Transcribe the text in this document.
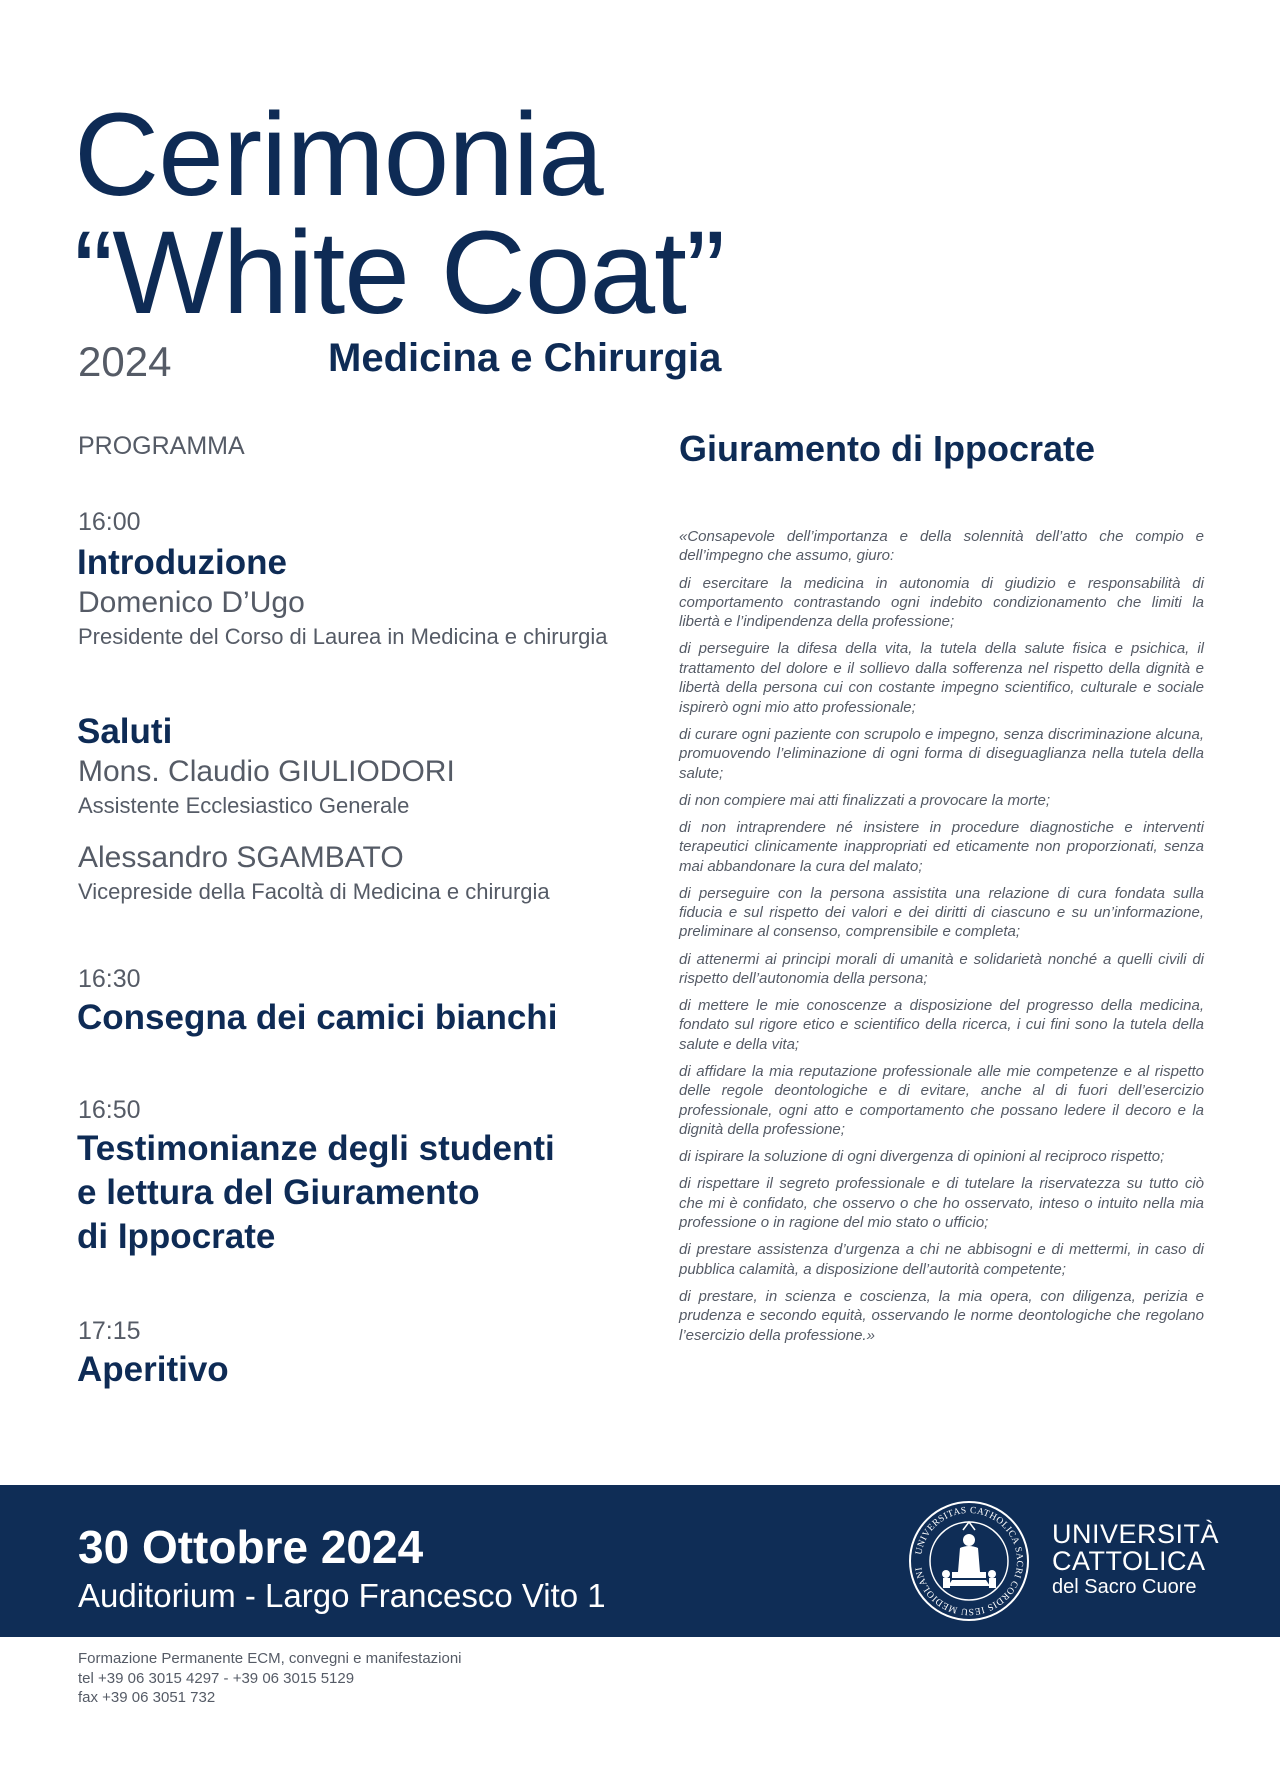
Cerimonia
“White Coat”
2024	Medicina e Chirurgia
PROGRAMMA
16:00
Introduzione
Domenico D’Ugo
Presidente del Corso di Laurea in Medicina e chirurgia
Saluti
Mons. Claudio GIULIODORI
Assistente Ecclesiastico Generale
Alessandro SGAMBATO
Vicepreside della Facoltà di Medicina e chirurgia
16:30
Consegna dei camici bianchi
16:50
Testimonianze degli studenti
e lettura del Giuramento
di Ippocrate
17:15
Aperitivo
Giuramento di Ippocrate

«Consapevole dell’importanza e della solennità dell’atto che compio e dell’impegno che assumo, giuro:

di esercitare la medicina in autonomia di giudizio e responsabilità di comportamento contrastando ogni indebito condizionamento che limiti la libertà e l’indipendenza della professione;

di perseguire la difesa della vita, la tutela della salute fisica e psichica, il trattamento del dolore e il sollievo dalla sofferenza nel rispetto della dignità e libertà della persona cui con costante impegno scientifico, culturale e sociale ispirerò ogni mio atto professionale;

di curare ogni paziente con scrupolo e impegno, senza discriminazione alcuna, promuovendo l’eliminazione di ogni forma di diseguaglianza nella tutela della salute;

di non compiere mai atti finalizzati a provocare la morte;

di non intraprendere né insistere in procedure diagnostiche e interventi terapeutici clinicamente inappropriati ed eticamente non proporzionati, senza mai abbandonare la cura del malato;

di perseguire con la persona assistita una relazione di cura fondata sulla fiducia e sul rispetto dei valori e dei diritti di ciascuno e su un’informazione, preliminare al consenso, comprensibile e completa;

di attenermi ai principi morali di umanità e solidarietà nonché a quelli civili di rispetto dell’autonomia della persona;

di mettere le mie conoscenze a disposizione del progresso della medicina, fondato sul rigore etico e scientifico della ricerca, i cui fini sono la tutela della salute e della vita;

di affidare la mia reputazione professionale alle mie competenze e al rispetto delle regole deontologiche e di evitare, anche al di fuori dell’esercizio professionale, ogni atto e comportamento che possano ledere il decoro e la dignità della professione;

di ispirare la soluzione di ogni divergenza di opinioni al reciproco rispetto;

di rispettare il segreto professionale e di tutelare la riservatezza su tutto ciò che mi è confidato, che osservo o che ho osservato, inteso o intuito nella mia professione o in ragione del mio stato o ufficio;

di prestare assistenza d’urgenza a chi ne abbisogni e di mettermi, in caso di pubblica calamità, a disposizione dell’autorità competente;

di prestare, in scienza e coscienza, la mia opera, con diligenza, perizia e prudenza e secondo equità, osservando le norme deontologiche che regolano l’esercizio della professione.»

30 Ottobre 2024
Auditorium - Largo Francesco Vito 1
UNIVERSITAS CATHOLICA SACRI CORDIS IESU MEDIOLANI
UNIVERSITÀ
CATTOLICA
del Sacro Cuore
Formazione Permanente ECM, convegni e manifestazioni
tel +39 06 3015 4297 - +39 06 3015 5129
fax +39 06 3051 732
